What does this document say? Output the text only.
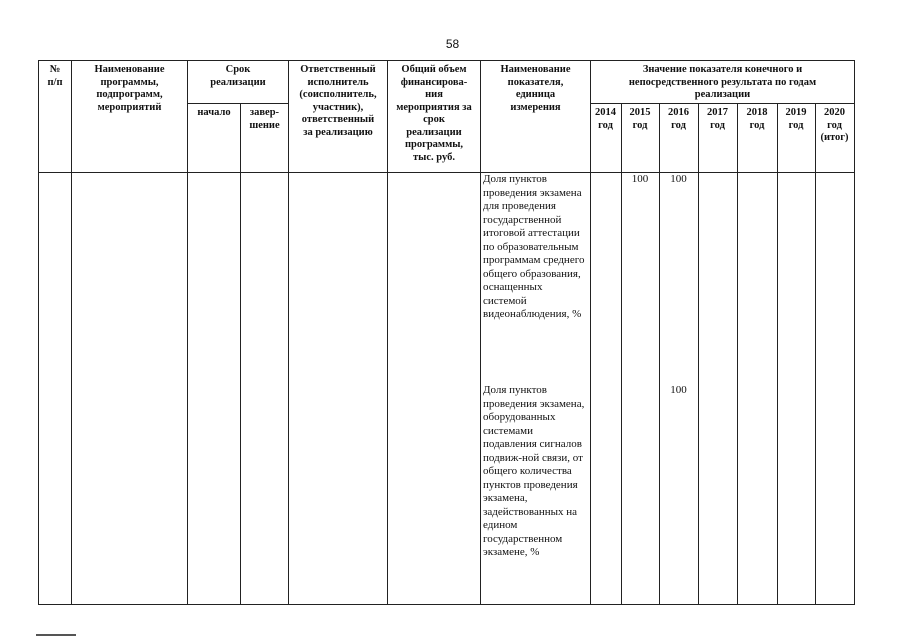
58
№
п/п
Наименование
программы,
подпрограмм,
мероприятий
Срок
реализации
начало	завер-
шение
Ответственный
исполнитель
(соисполнитель,
участник),
ответственный
за реализацию
Общий объем
финансирова-
ния
мероприятия за
срок
реализации
программы,
тыс. руб.
Наименование
показателя,
единица
измерения
Значение показателя конечного и
непосредственного результата по годам
реализации
2014
год
2015
год
2016
год
2017
год
2018
год
2019
год
2020
год
(итог)
Доля пунктов проведения экзамена для проведения государственной итоговой аттестации по образовательным программам среднего общего образования, оснащенных системой видеонаблюдения, %
100	100
Доля пунктов проведения экзамена, оборудованных системами подавления сигналов подвиж-ной связи, от общего количества пунктов проведения экзамена, задействованных на едином государственном экзамене, %
100
